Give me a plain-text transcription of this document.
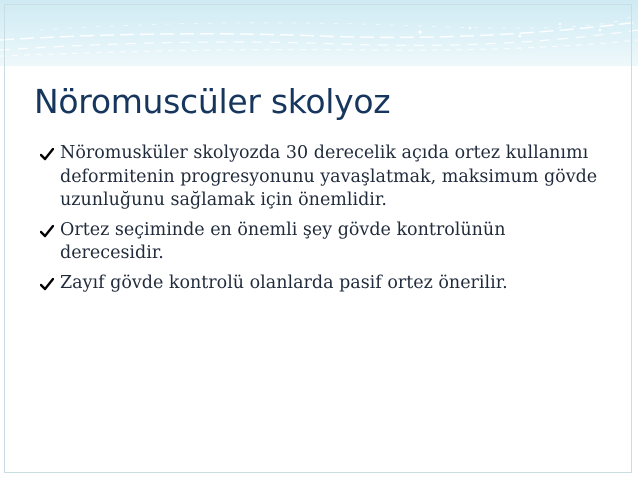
Nöromuscüler skolyoz
Nöromusküler skolyozda 30 derecelik açıda ortez kullanımı deformitenin progresyonunu yavaşlatmak, maksimum gövde uzunluğunu sağlamak için önemlidir.
Ortez seçiminde en önemli şey gövde kontrolünün derecesidir.
Zayıf gövde kontrolü olanlarda pasif ortez önerilir.
